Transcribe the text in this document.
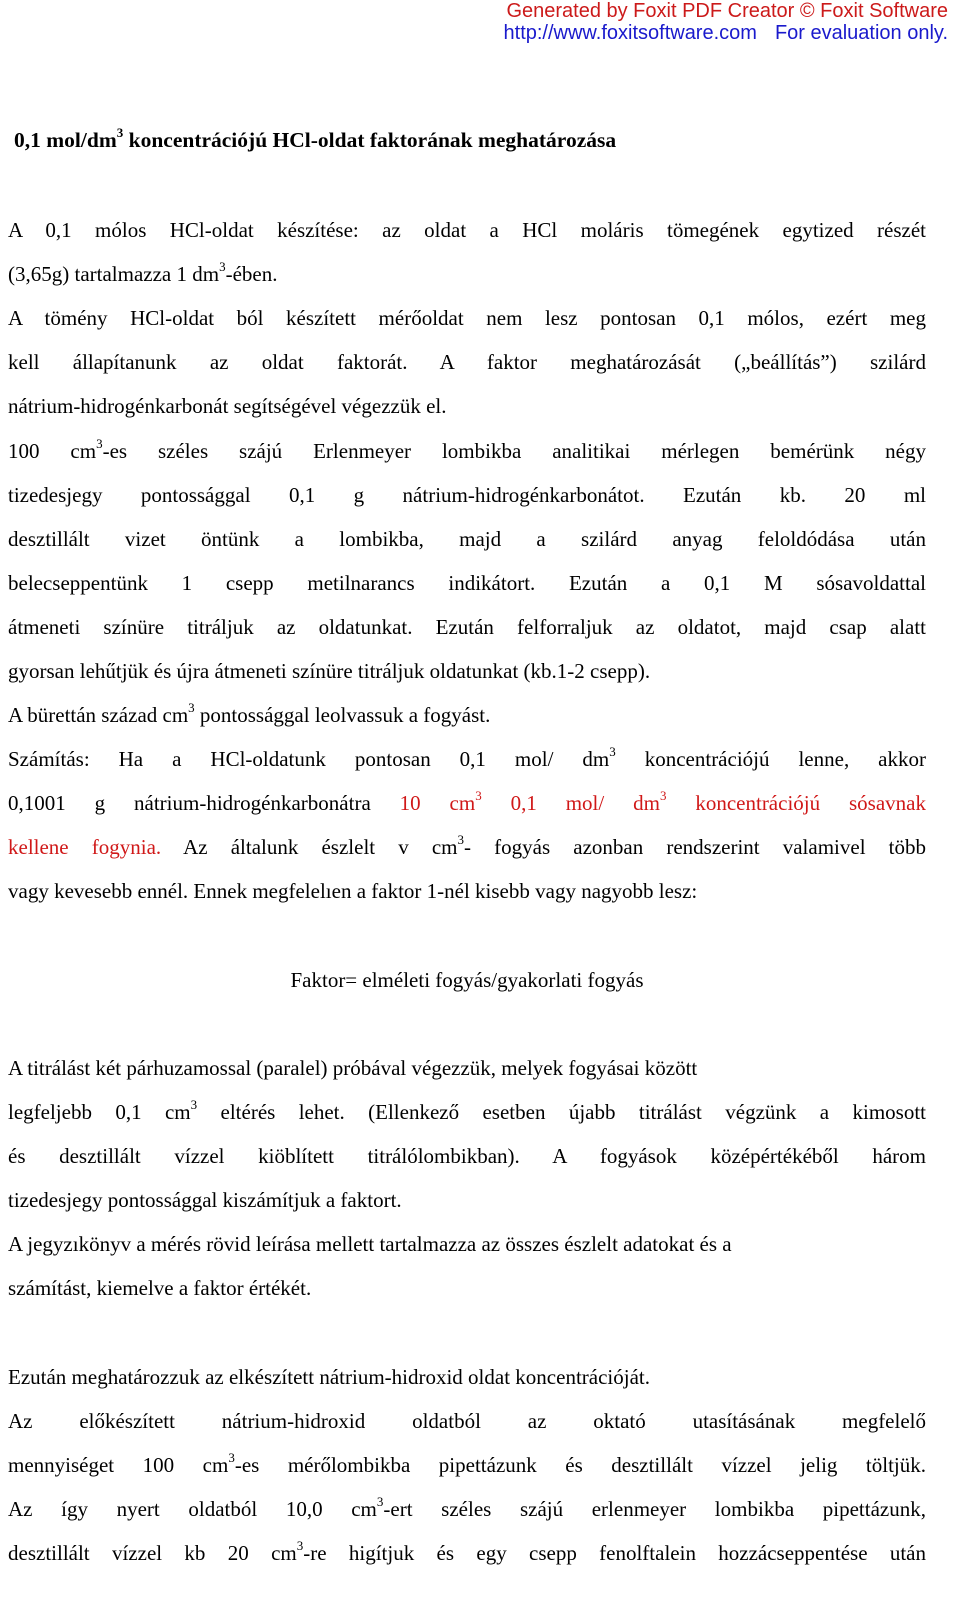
Generated by Foxit PDF Creator © Foxit Software
http://www.foxitsoftware.com For evaluation only.
0,1 mol/$dm^3$ koncentrációjú HCl-oldat faktorának meghatározása
A 0,1 mólos HCl-oldat készítése: az oldat a HCl moláris tömegének egytized részét
(3,65g) tartalmazza 1 $dm^3$-ében.
A tömény HCl-oldat ból készített mérőoldat nem lesz pontosan 0,1 mólos, ezért meg
kell állapítanunk az oldat faktorát. A faktor meghatározását („beállítás”) szilárd
nátrium-hidrogénkarbonát segítségével végezzük el.
100 $cm^3-es$ széles szájú Erlenmeyer lombikba analitikai mérlegen bemérünk négy
tizedesjegy pontossággal 0,1 g nátrium-hidrogénkarbonátot. Ezután kb. 20 ml
desztillált vizet öntünk a lombikba, majd a szilárd anyag feloldódása után
belecseppentünk 1 csepp metilnarancs indikátort. Ezután a 0,1 M sósavoldattal
átmeneti színüre titráljuk az oldatunkat. Ezután felforraljuk az oldatot, majd csap alatt
gyorsan lehűtjük és újra átmeneti színüre titráljuk oldatunkat (kb.1-2 csepp).
A bürettán század $cm^3$ pontossággal leolvassuk a fogyást.
Számítás: Ha a HCl-oldatunk pontosan 0,1 mol/ $dm^3$ koncentrációjú lenne, akkor
0,1001 g nátrium-hidrogénkarbonátra 10 $cm^3$ 0,1 mol/ $dm^3$ koncentrációjú sósavnak
kellene fogynia. Az általunk észlelt v $cm^3-$ fogyás azonban rendszerint valamivel több
vagy kevesebb ennél. Ennek megfelelıen a faktor 1-nél kisebb vagy nagyobb lesz:
Faktor= elméleti fogyás/gyakorlati fogyás
A titrálást két párhuzamossal (paralel) próbával végezzük, melyek fogyásai között
legfeljebb 0,1 $cm^3$ eltérés lehet. (Ellenkező esetben újabb titrálást végzünk a kimosott
és desztillált vízzel kiöblített titrálólombikban). A fogyások középértékéből három
tizedesjegy pontossággal kiszámítjuk a faktort.
A jegyzıkönyv a mérés rövid leírása mellett tartalmazza az összes észlelt adatokat és a
számítást, kiemelve a faktor értékét.
Ezután meghatározzuk az elkészített nátrium-hidroxid oldat koncentrációját.
Az előkészített nátrium-hidroxid oldatból az oktató utasításának megfelelő
mennyiséget 100 $cm^3-es$ mérőlombikba pipettázunk és desztillált vízzel jelig töltjük.
Az így nyert oldatból 10,0 $cm^3$-ert széles szájú erlenmeyer lombikba pipettázunk,
desztillált vízzel kb 20 $cm^3-re$ higítjuk és egy csepp fenolftalein hozzácseppentése után
